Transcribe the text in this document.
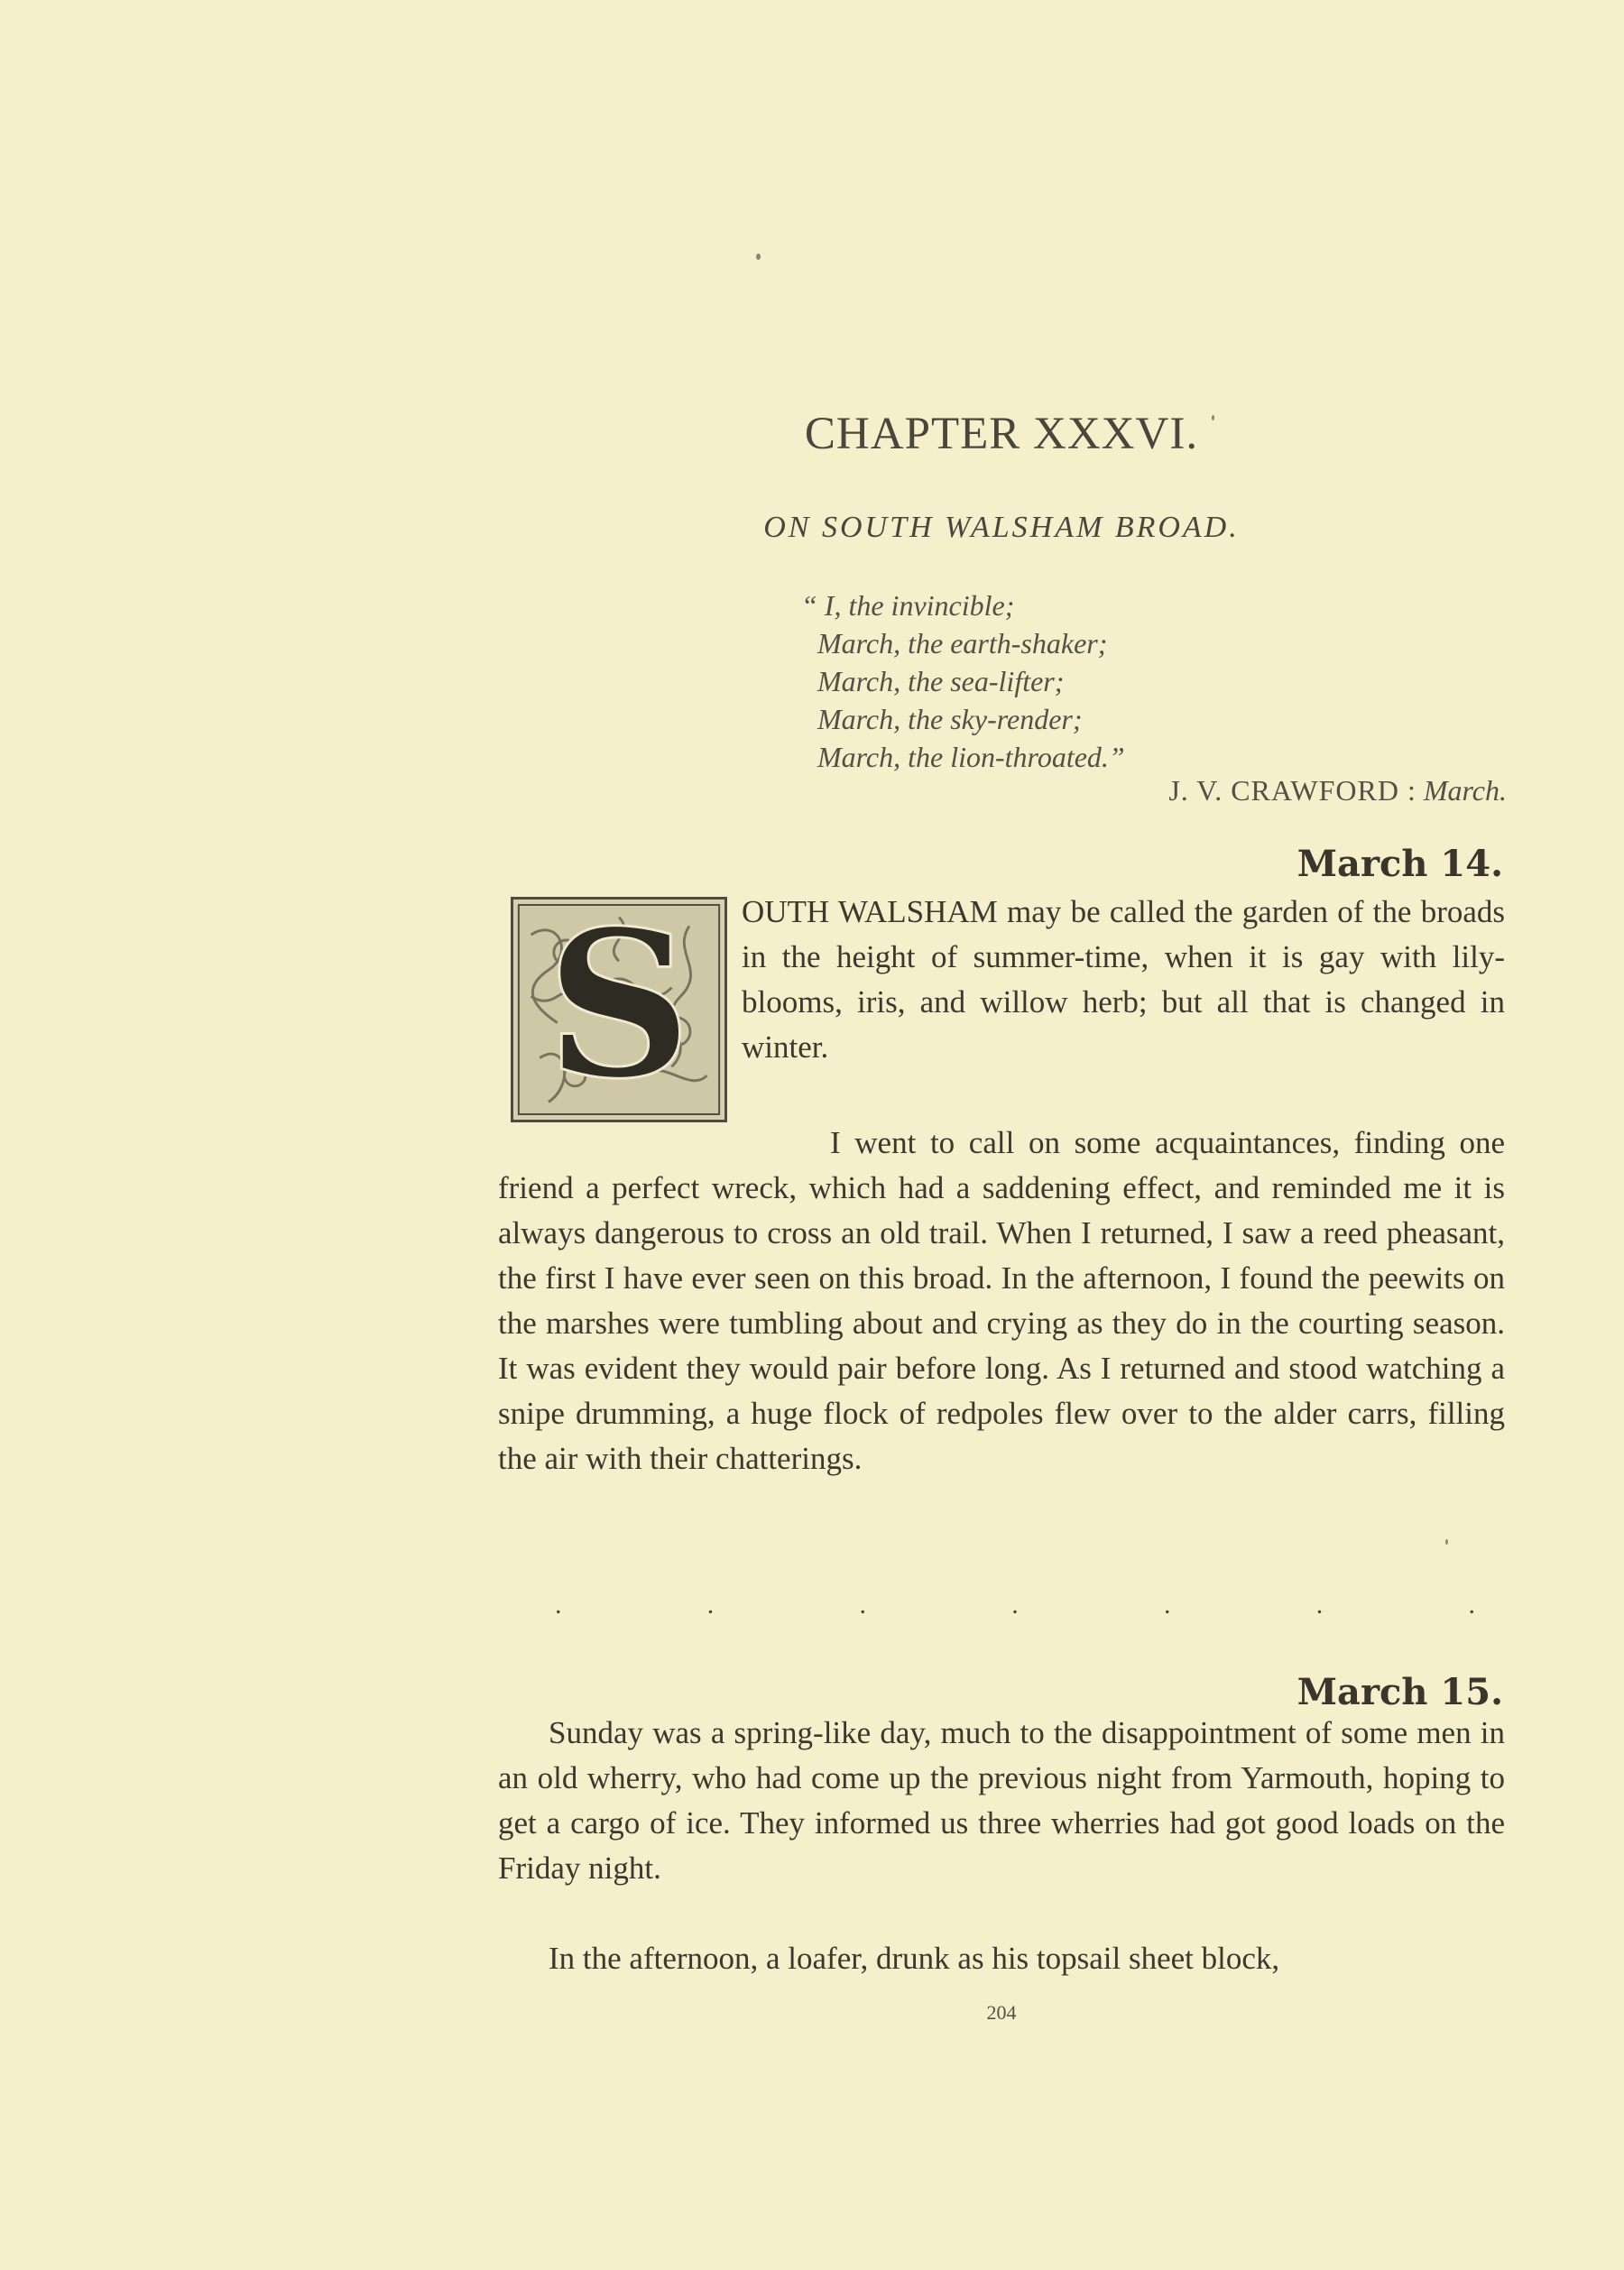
CHAPTER XXXVI.
ON SOUTH WALSHAM BROAD.
“ I, the invincible;
March, the earth-shaker;
March, the sea-lifter;
March, the sky-render;
March, the lion-throated.”
J. V. CRAWFORD : March.
March 14.
S OUTH WALSHAM may be called the garden of the broads in the height of summer-time, when it is gay with lily-blooms, iris, and willow herb; but all that is changed in winter.

I went to call on some acquaintances, finding one friend a perfect wreck, which had a saddening effect, and reminded me it is always dangerous to cross an old trail. When I returned, I saw a reed pheasant, the first I have ever seen on this broad. In the afternoon, I found the peewits on the marshes were tumbling about and crying as they do in the courting season. It was evident they would pair before long. As I returned and stood watching a snipe drumming, a huge flock of redpoles flew over to the alder carrs, filling the air with their chatterings.

.	.	.	.	.	.	.
March 15.

Sunday was a spring-like day, much to the disappointment of some men in an old wherry, who had come up the previous night from Yarmouth, hoping to get a cargo of ice. They informed us three wherries had got good loads on the Friday night.

In the afternoon, a loafer, drunk as his topsail sheet block,

204
